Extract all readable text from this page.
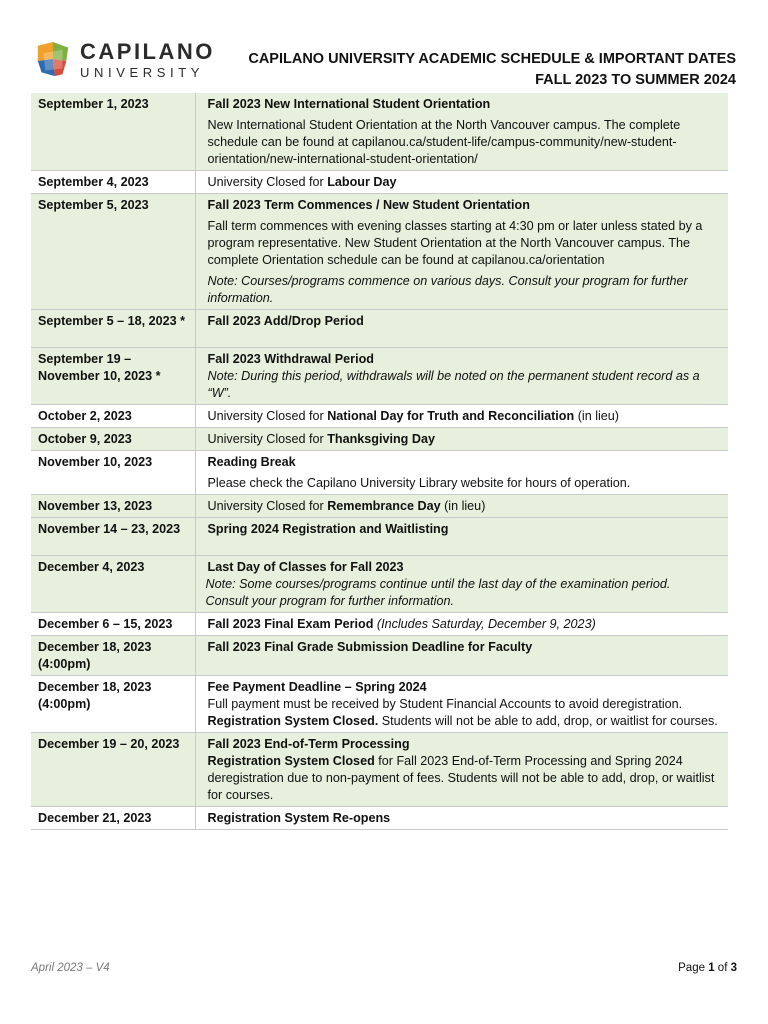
CAPILANO
UNIVERSITY
CAPILANO UNIVERSITY ACADEMIC SCHEDULE & IMPORTANT DATES
FALL 2023 TO SUMMER 2024
September 1, 2023	Fall 2023 New International Student Orientation
New International Student Orientation at the North Vancouver campus. The complete schedule can be found at capilanou.ca/student-life/campus-community/new-student-orientation/new-international-student-orientation/

September 4, 2023	University Closed for Labour Day
September 5, 2023	Fall 2023 Term Commences / New Student Orientation
Fall term commences with evening classes starting at 4:30 pm or later unless stated by a program representative. New Student Orientation at the North Vancouver campus. The complete Orientation schedule can be found at capilanou.ca/orientation
Note: Courses/programs commence on various days. Consult your program for further information.

September 5 – 18, 2023 *	Fall 2023 Add/Drop Period

September 19 – November 10, 2023 *	Fall 2023 Withdrawal Period
Note: During this period, withdrawals will be noted on the permanent student record as a “W”.

October 2, 2023	University Closed for National Day for Truth and Reconciliation (in lieu)
October 9, 2023	University Closed for Thanksgiving Day
November 10, 2023	Reading Break
Please check the Capilano University Library website for hours of operation.

November 13, 2023	University Closed for Remembrance Day (in lieu)
November 14 – 23, 2023	Spring 2024 Registration and Waitlisting

December 4, 2023	Last Day of Classes for Fall 2023
Note: Some courses/programs continue until the last day of the examination period.
Consult your program for further information.

December 6 – 15, 2023	Fall 2023 Final Exam Period (Includes Saturday, December 9, 2023)
December 18, 2023 (4:00pm)	Fall 2023 Final Grade Submission Deadline for Faculty

December 18, 2023 (4:00pm)	Fee Payment Deadline – Spring 2024
Full payment must be received by Student Financial Accounts to avoid deregistration.
Registration System Closed. Students will not be able to add, drop, or waitlist for courses.

December 19 – 20, 2023	Fall 2023 End-of-Term Processing
Registration System Closed for Fall 2023 End-of-Term Processing and Spring 2024 deregistration due to non-payment of fees. Students will not be able to add, drop, or waitlist for courses.

December 21, 2023	Registration System Re-opens
April 2023 – V4	Page 1 of 3
